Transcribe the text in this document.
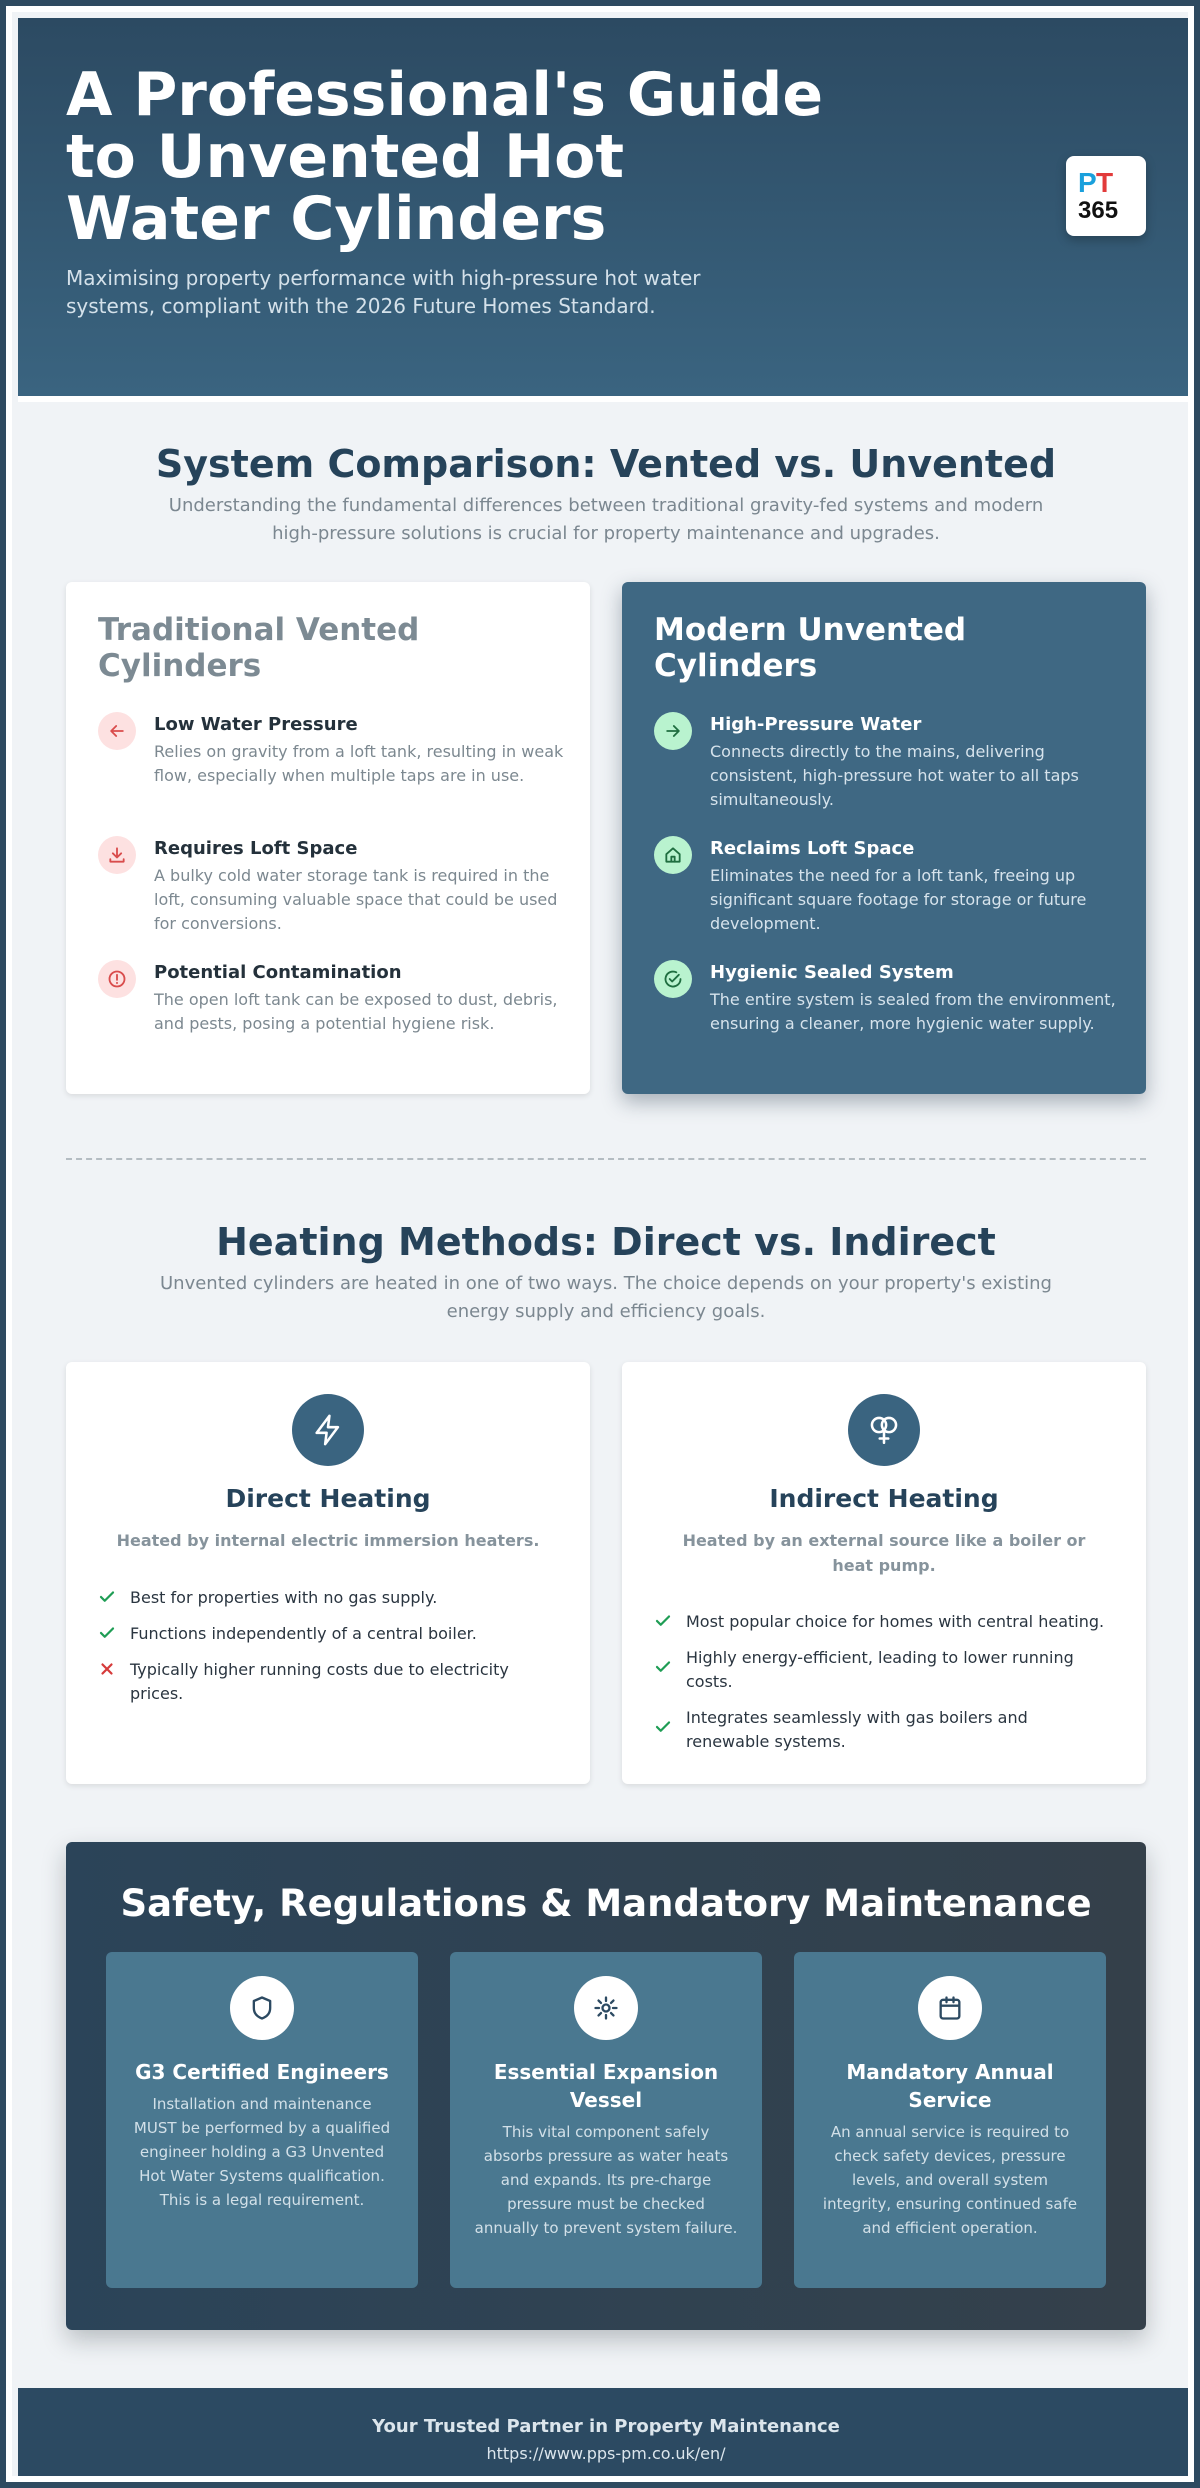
A Professional's Guide to Unvented Hot Water Cylinders

Maximising property performance with high-pressure hot water systems, compliant with the 2026 Future Homes Standard.

P T
365
System Comparison: Vented vs. Unvented

Understanding the fundamental differences between traditional gravity-fed systems and modern high-pressure solutions is crucial for property maintenance and upgrades.

Traditional Vented Cylinders
Low Water Pressure
Relies on gravity from a loft tank, resulting in weak flow, especially when multiple taps are in use.
Requires Loft Space
A bulky cold water storage tank is required in the loft, consuming valuable space that could be used for conversions.
Potential Contamination
The open loft tank can be exposed to dust, debris, and pests, posing a potential hygiene risk.
Modern Unvented Cylinders
High-Pressure Water
Connects directly to the mains, delivering consistent, high-pressure hot water to all taps simultaneously.
Reclaims Loft Space
Eliminates the need for a loft tank, freeing up significant square footage for storage or future development.
Hygienic Sealed System
The entire system is sealed from the environment, ensuring a cleaner, more hygienic water supply.
Heating Methods: Direct vs. Indirect

Unvented cylinders are heated in one of two ways. The choice depends on your property's existing energy supply and efficiency goals.

Direct Heating
Heated by internal electric immersion heaters.
Best for properties with no gas supply.
Functions independently of a central boiler.
Typically higher running costs due to electricity prices.
Indirect Heating
Heated by an external source like a boiler or heat pump.
Most popular choice for homes with central heating.
Highly energy-efficient, leading to lower running costs.
Integrates seamlessly with gas boilers and renewable systems.
Safety, Regulations & Mandatory Maintenance
G3 Certified Engineers
Installation and maintenance MUST be performed by a qualified engineer holding a G3 Unvented Hot Water Systems qualification. This is a legal requirement.
Essential Expansion Vessel
This vital component safely absorbs pressure as water heats and expands. Its pre-charge pressure must be checked annually to prevent system failure.
Mandatory Annual Service
An annual service is required to check safety devices, pressure levels, and overall system integrity, ensuring continued safe and efficient operation.
Your Trusted Partner in Property Maintenance
https://www.pps-pm.co.uk/en/
